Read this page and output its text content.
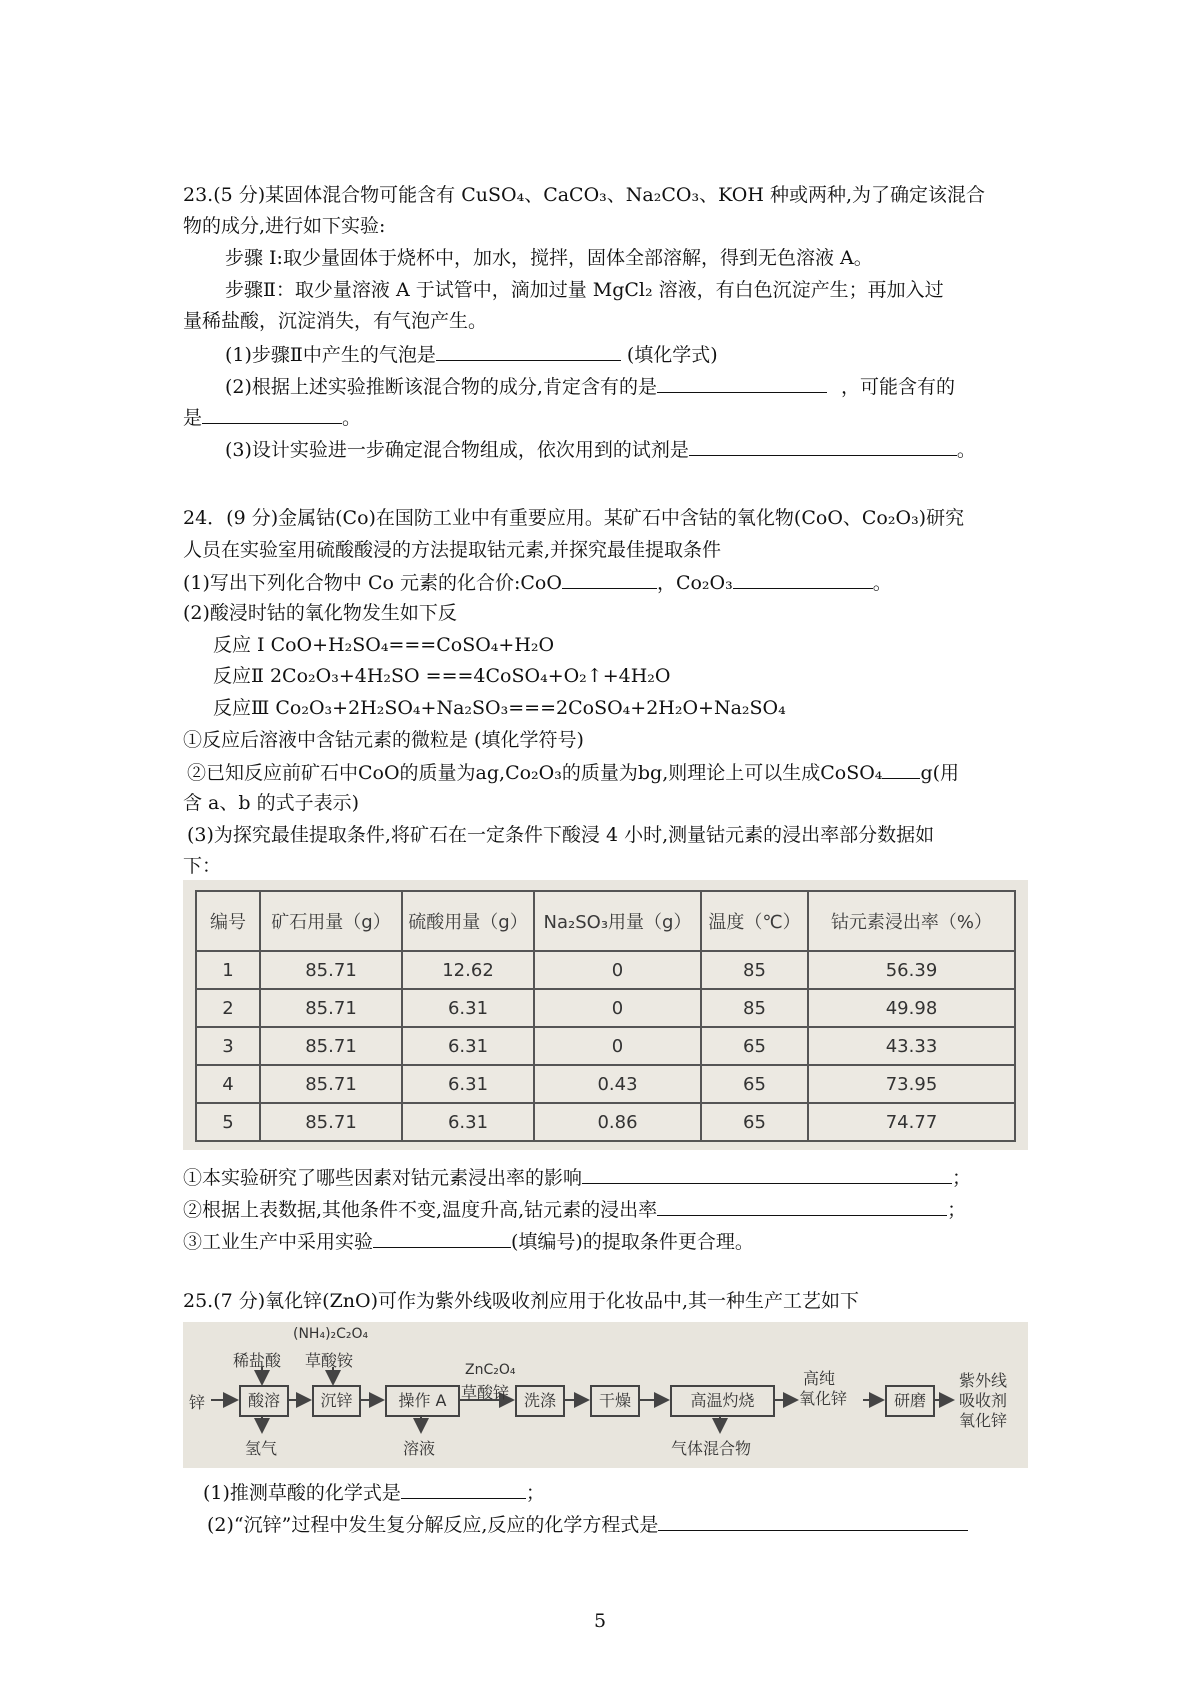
23.(5 分)某固体混合物可能含有 CuSO₄、CaCO₃、Na₂CO₃、KOH 种或两种,为了确定该混合
物的成分,进行如下实验:
步骤 I:取少量固体于烧杯中，加水，搅拌，固体全部溶解，得到无色溶液 A。
步骤Ⅱ：取少量溶液 A 于试管中，滴加过量 MgCl₂ 溶液，有白色沉淀产生；再加入过
量稀盐酸，沉淀消失，有气泡产生。
(1)步骤Ⅱ中产生的气泡是	(填化学式)
(2)根据上述实验推断该混合物的成分,肯定含有的是	，可能含有的
是	。
(3)设计实验进一步确定混合物组成，依次用到的试剂是	。
24．(9 分)金属钴(Co)在国防工业中有重要应用。某矿石中含钴的氧化物(CoO、Co₂O₃)研究
人员在实验室用硫酸酸浸的方法提取钴元素,并探究最佳提取条件
(1)写出下列化合物中 Co 元素的化合价:CoO	，Co₂O₃	。
(2)酸浸时钴的氧化物发生如下反
反应 I CoO+H₂SO₄===CoSO₄+H₂O
反应Ⅱ 2Co₂O₃+4H₂SO ===4CoSO₄+O₂↑+4H₂O
反应Ⅲ Co₂O₃+2H₂SO₄+Na₂SO₃===2CoSO₄+2H₂O+Na₂SO₄
①反应后溶液中含钴元素的微粒是 (填化学符号)
②已知反应前矿石中CoO的质量为ag,Co₂O₃的质量为bg,则理论上可以生成CoSO₄ g(用
含 a、b 的式子表示)
(3)为探究最佳提取条件,将矿石在一定条件下酸浸 4 小时,测量钴元素的浸出率部分数据如
下：
编号	矿石用量（g）	硫酸用量（g）	Na₂SO₃用量（g）	温度（℃）	钴元素浸出率（%）
1	85.71	12.62	0	85	56.39
2	85.71	6.31	0	85	49.98
3	85.71	6.31	0	65	43.33
4	85.71	6.31	0.43	65	73.95
5	85.71	6.31	0.86	65	74.77
①本实验研究了哪些因素对钴元素浸出率的影响	；
②根据上表数据,其他条件不变,温度升高,钴元素的浸出率	；
③工业生产中采用实验	(填编号)的提取条件更合理。
25.(7 分)氧化锌(ZnO)可作为紫外线吸收剂应用于化妆品中,其一种生产工艺如下
锌
稀盐酸
(NH₄)₂C₂O₄
草酸铵
酸溶	沉锌	操作 A
ZnC₂O₄
草酸锌 洗涤	干燥	高温灼烧
高纯
氧化锌	研磨
紫外线
吸收剂
氧化锌
氢气	溶液	气体混合物
(1)推测草酸的化学式是	；
(2)“沉锌”过程中发生复分解反应,反应的化学方程式是
5
